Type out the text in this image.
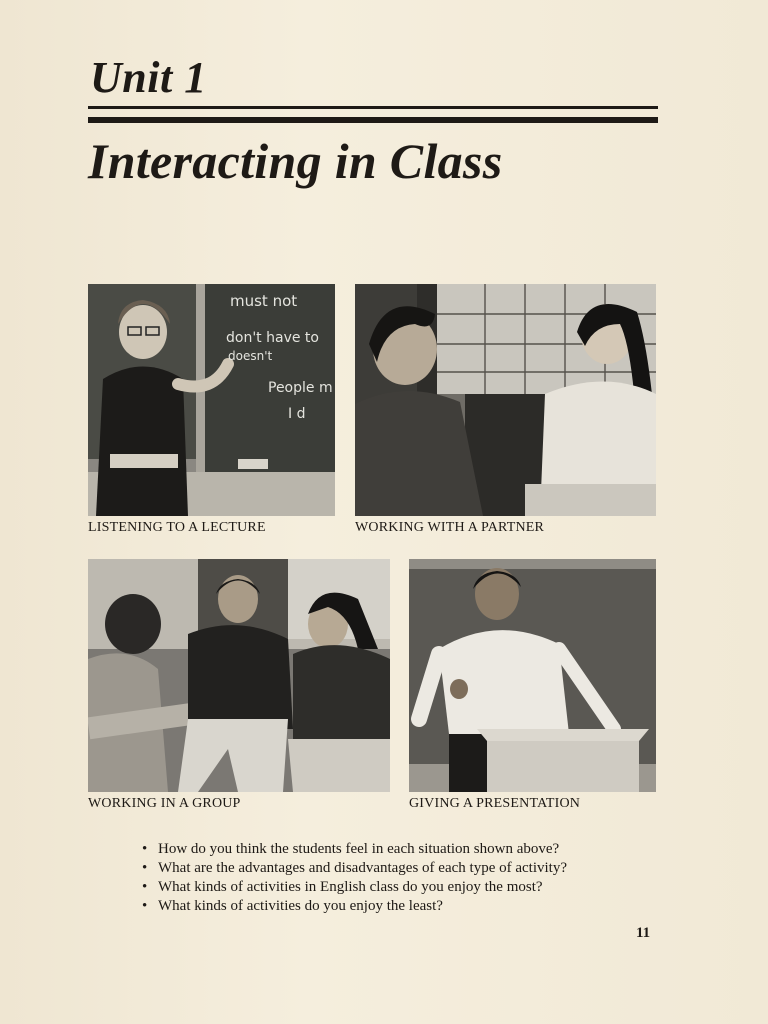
Unit 1
Interacting in Class
must not
don't have to
doesn't
People m
I d
LISTENING TO A LECTURE	WORKING WITH A PARTNER
WORKING IN A GROUP	GIVING A PRESENTATION
• How do you think the students feel in each situation shown above?
• What are the advantages and disadvantages of each type of activity?
• What kinds of activities in English class do you enjoy the most?
• What kinds of activities do you enjoy the least?
11
